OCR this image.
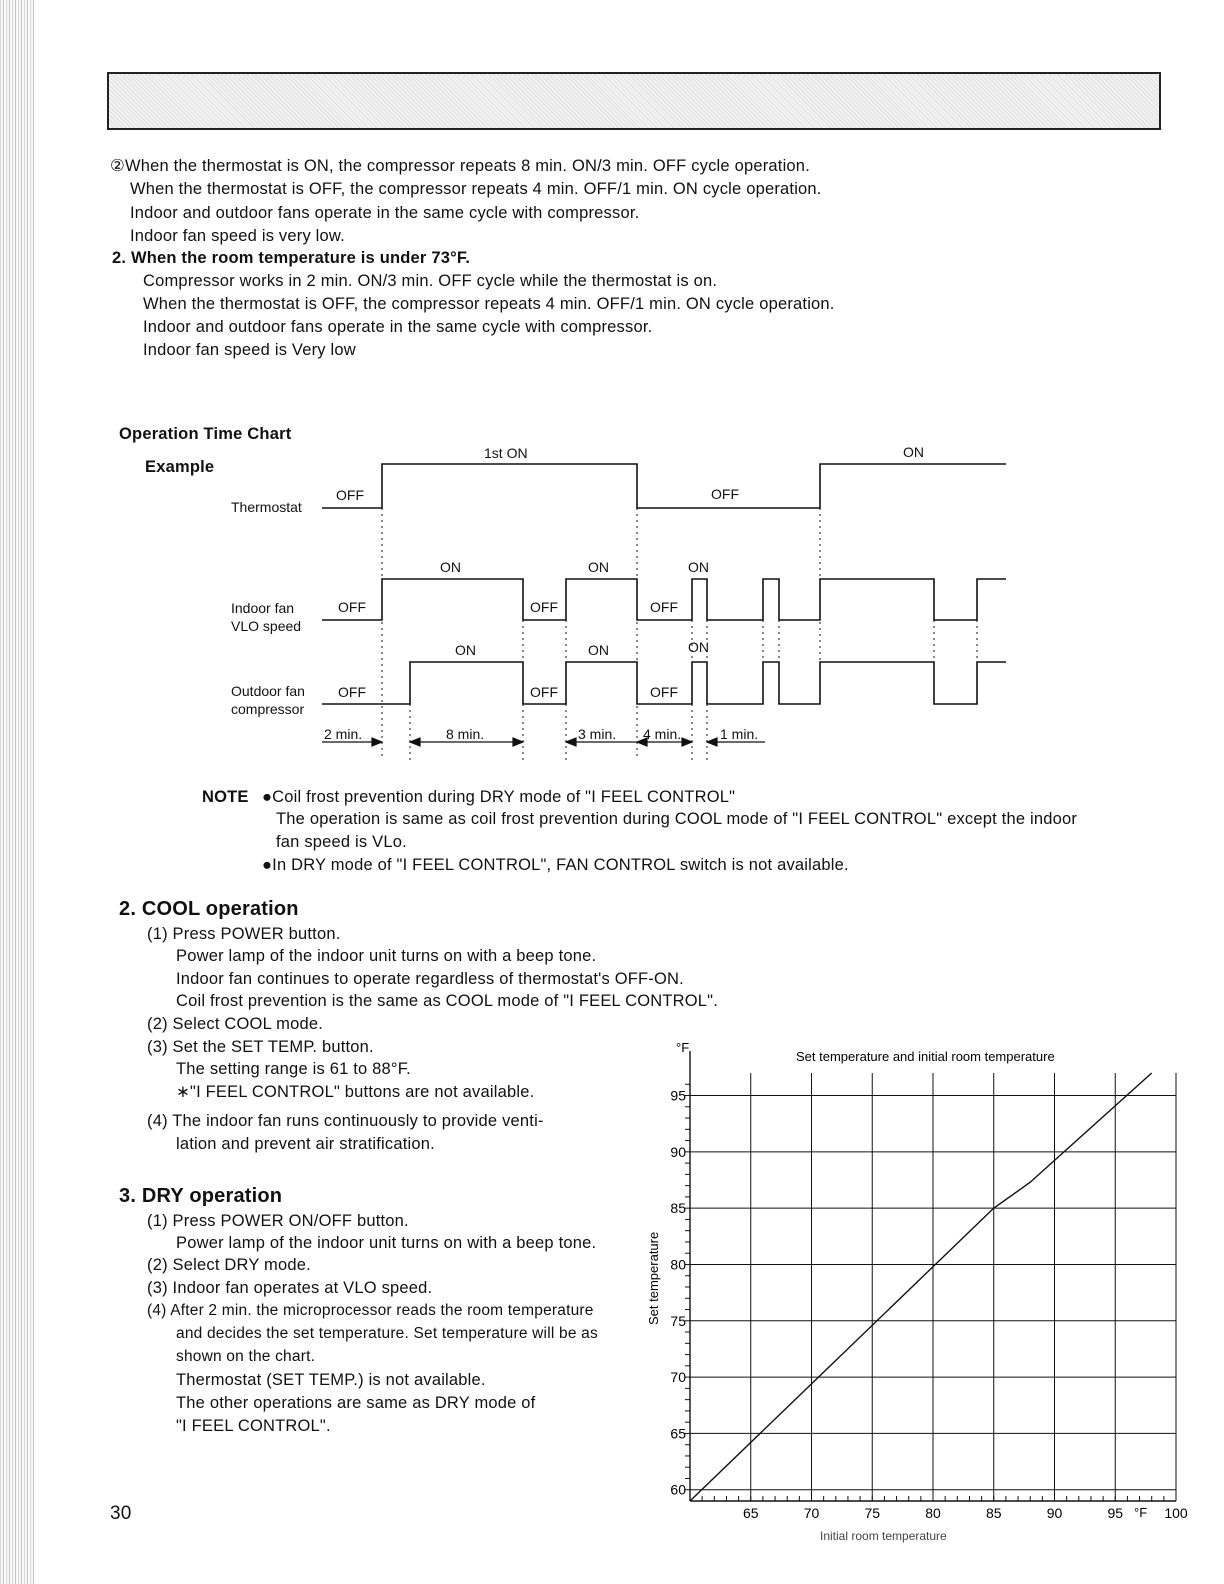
②When the thermostat is ON, the compressor repeats 8 min. ON/3 min. OFF cycle operation.
When the thermostat is OFF, the compressor repeats 4 min. OFF/1 min. ON cycle operation.
Indoor and outdoor fans operate in the same cycle with compressor.
Indoor fan speed is very low.
2. When the room temperature is under 73°F.
Compressor works in 2 min. ON/3 min. OFF cycle while the thermostat is on.
When the thermostat is OFF, the compressor repeats 4 min. OFF/1 min. ON cycle operation.
Indoor and outdoor fans operate in the same cycle with compressor.
Indoor fan speed is Very low
Operation Time Chart
Example
Thermostat
Indoor fan
VLO speed
Outdoor fan
compressor
OFF
1st ON
OFF
ON
OFF
ON
OFF
ON
OFF
ON
OFF
ON
OFF
ON
OFF
ON
2 min.	8 min.	3 min. 4 min.	1 min.
NOTE ●Coil frost prevention during DRY mode of "I FEEL CONTROL"
The operation is same as coil frost prevention during COOL mode of "I FEEL CONTROL" except the indoor
fan speed is VLo.
●In DRY mode of "I FEEL CONTROL", FAN CONTROL switch is not available.
2. COOL operation
(1) Press POWER button.
Power lamp of the indoor unit turns on with a beep tone.
Indoor fan continues to operate regardless of thermostat's OFF-ON.
Coil frost prevention is the same as COOL mode of "I FEEL CONTROL".
(2) Select COOL mode.
(3) Set the SET TEMP. button.
The setting range is 61 to 88°F.
∗"I FEEL CONTROL" buttons are not available.
(4) The indoor fan runs continuously to provide venti-
lation and prevent air stratification.
3. DRY operation
(1) Press POWER ON/OFF button.
Power lamp of the indoor unit turns on with a beep tone.
(2) Select DRY mode.
(3) Indoor fan operates at VLO speed.
(4) After 2 min. the microprocessor reads the room temperature
and decides the set temperature. Set temperature will be as
shown on the chart.
Thermostat (SET TEMP.) is not available.
The other operations are same as DRY mode of
"I FEEL CONTROL".
30
°F
Set temperature and initial room temperature
°F
Set temperature
Initial room temperature
65	70	75	80	85	90	95	100
60
65
70
75
80
85
90
95
